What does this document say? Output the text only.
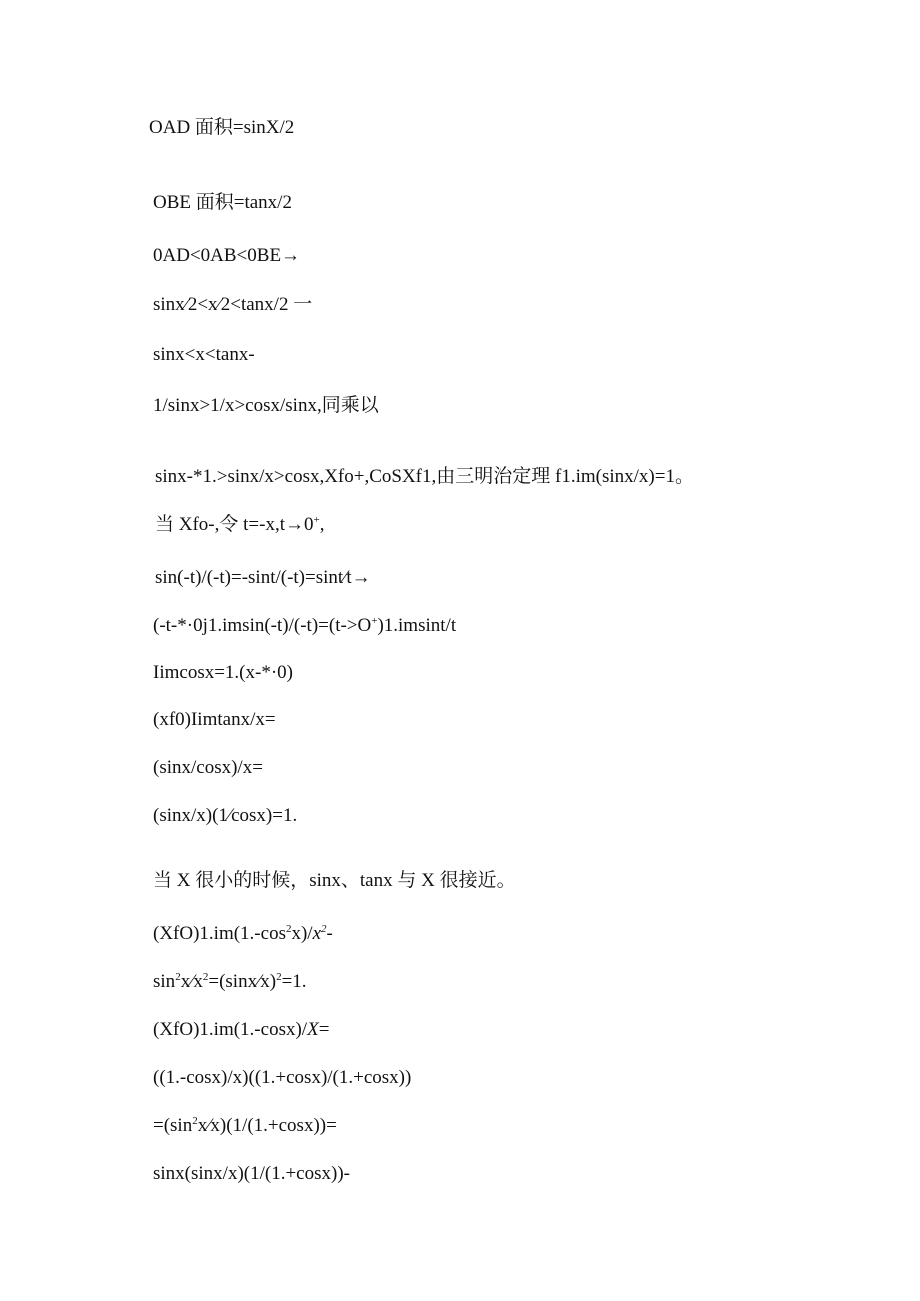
OAD 面积=sinX/2
OBE 面积=tanx/2
0AD<0AB<0BE→
sinx⁄2<x⁄2<tanx/2 一
sinx<x<tanx-
1/sinx>1/x>cosx/sinx,同乘以
sinx-*1.>sinx/x>cosx,Xfo+,CoSXf1,由三明治定理 f1.im(sinx/x)=1。
当 Xfo-,令 t=-x,t→0+,
sin(-t)/(-t)=-sint/(-t)=sint⁄t→
(-t-*·0j1.imsin(-t)/(-t)=(t->O+)1.imsint/t
Iimcosx=1.(x-*·0)
(xf0)Iimtanx/x=
(sinx/cosx)/x=
(sinx/x)(1⁄cosx)=1.
当 X 很小的时候，sinx、tanx 与 X 很接近。
$(XfO)1.im(1.-\cos^2x)/x^2-$
$\sin^2x⁄x^2=(\sin x⁄x)^2=1$.
(XfO)1.im(1.-cosx)/X=
((1.-cosx)/x)((1.+cosx)/(1.+cosx))
$=(\sin^2x⁄x)(1/(1.+\cos x))=$
sinx(sinx/x)(1/(1.+cosx))-
